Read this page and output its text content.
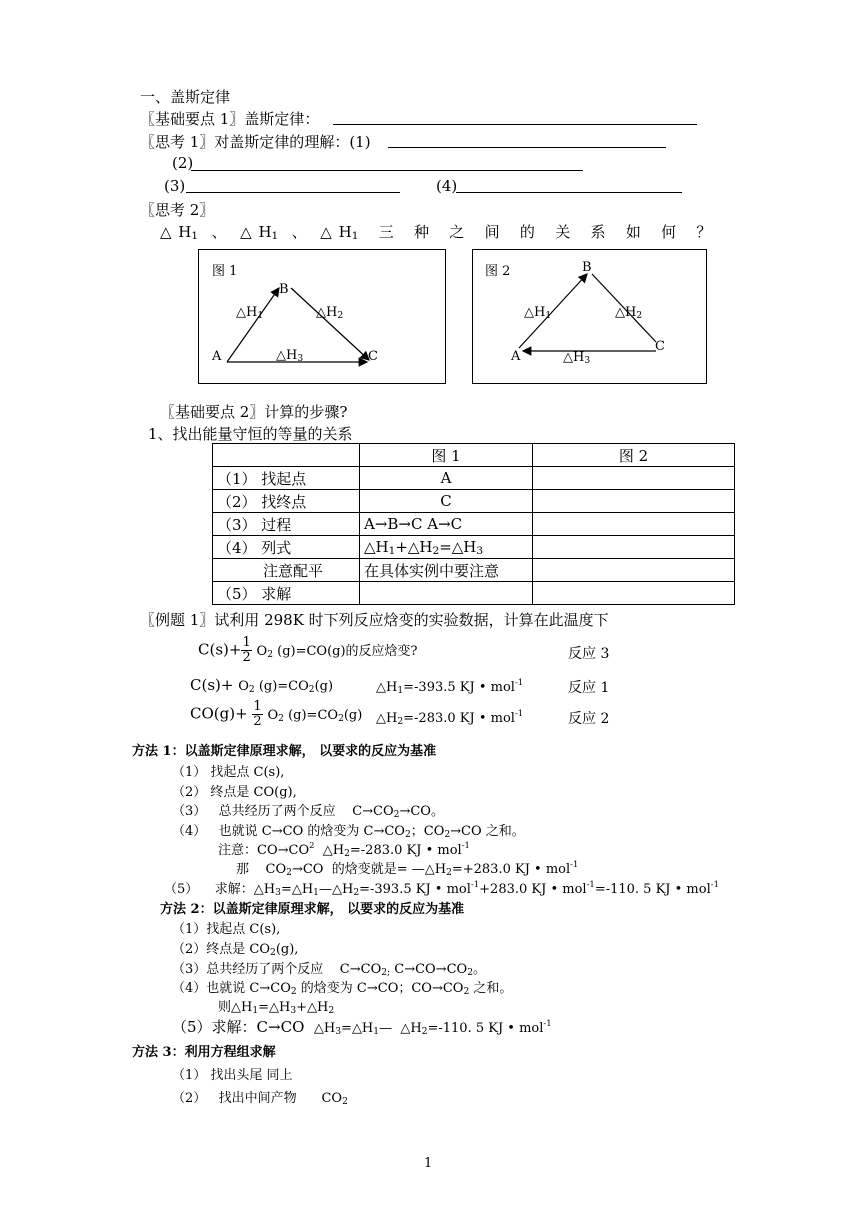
一、盖斯定律
〖基础要点 1〗盖斯定律：
〖思考 1〗对盖斯定律的理解：(1)
(2)
(3)	(4)
〖思考 2〗
△ $H_1$  、  △ $H_1$  、  △ $H_1$   三   种   之   间   的   关   系   如   何   ？
图 1
B
A	C
$\triangle H_1$	$\triangle H_2$
$\triangle H_3$
图 2	B
A
C
$\triangle H_1$	$\triangle H_2$
$\triangle H_3$
〖基础要点 2〗计算的步骤?
1、找出能量守恒的等量的关系
	图 1	图 2
（1） 找起点	A	
（2） 找终点	C	
（3） 过程	A→B→C A→C	
（4） 列式	$\triangle H_1+\triangle H_2=\triangle H_3$	
注意配平	在具体实例中要注意	
（5） 求解		
〖例题 1〗试利用 298K 时下列反应焓变的实验数据，计算在此温度下
$C(s)+ \frac{1}{2} O_2$ (g)=CO(g)的反应焓变?	反应 3
$C(s)+ O_2$ $(g)=CO_2(g)$	$\triangle H_1=-393.5$ KJ • mol$^{-1}$	反应 1
$CO(g)+ \frac{1}{2} O_2$ $(g)=CO_2(g)$ $\triangle H_2=-283.0$ KJ • mol$^{-1}$	反应 2
方法 1：以盖斯定律原理求解， 以要求的反应为基准
（1） 找起点 C(s),
（2） 终点是 CO(g),
（3）   总共经历了两个反应    $C\to CO_2\to CO$。
（4）   也就说 C→CO 的焓变为 $C\to CO_2$；$CO_2\to CO$ 之和。
注意：$CO\to CO^2$  $\triangle H_2=-283.0$ KJ • mol$^{-1}$
那    $CO_2\to CO$  的焓变就是= $—\triangle H_2=+283.0$ KJ • mol$^{-1}$
（5）    求解：$\triangle H_3=\triangle H_1—\triangle H_2=-393.5$ KJ • mol$^{-1}$+283.0 KJ • mol$^{-1}$=-110. 5 KJ • mol$^{-1}$
方法 2：以盖斯定律原理求解， 以要求的反应为基准
（1）找起点 C(s),
（2）终点是 $CO_2(g)$,
（3）总共经历了两个反应    $C\to CO_{2;}$ $C\to CO\to CO_2$。
（4）也就说 $C\to CO_2$ 的焓变为 C→CO；$CO\to CO_2$ 之和。
则$\triangle H_1=\triangle H_3+\triangle H_2$
（5）求解：C→CO  $\triangle H_3=\triangle H_1—$  $\triangle H_2=-110$. 5 KJ • mol$^{-1}$
方法 3：利用方程组求解
（1） 找出头尾 同上
（2）   找出中间产物      $CO_2$
1
